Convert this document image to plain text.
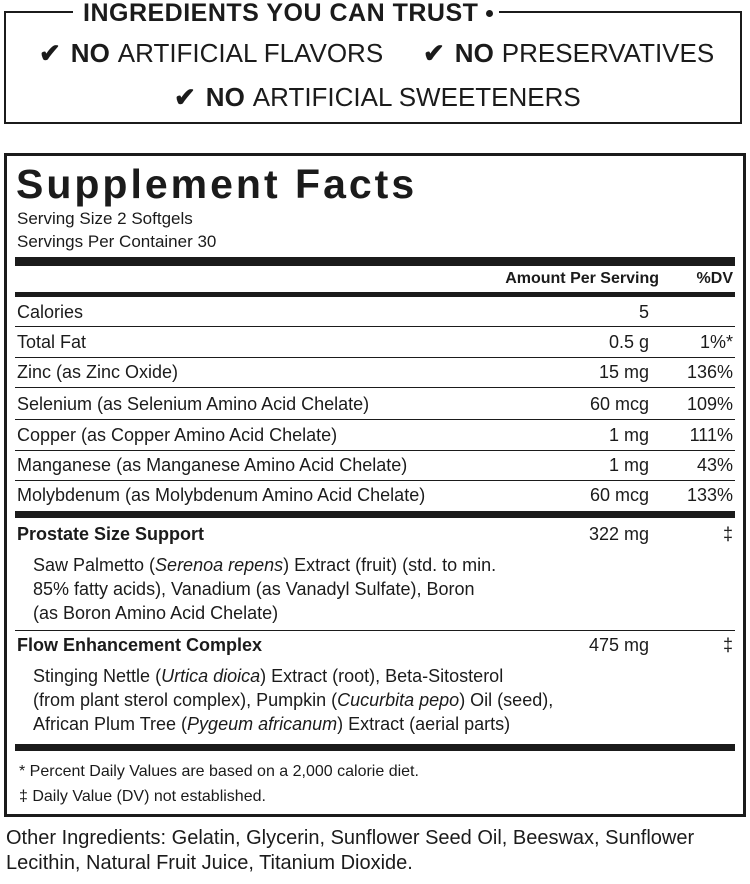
INGREDIENTS YOU CAN TRUST
✔ NO ARTIFICIAL FLAVORS ✔ NO PRESERVATIVES
✔ NO ARTIFICIAL SWEETENERS
Supplement Facts
Serving Size 2 Softgels
Servings Per Container 30
Amount Per Serving %DV
Calories	5
Total Fat	0.5 g	1%*
Zinc (as Zinc Oxide)	15 mg 136%
Selenium (as Selenium Amino Acid Chelate)	60 mcg 109%
Copper (as Copper Amino Acid Chelate)	1 mg 111%
Manganese (as Manganese Amino Acid Chelate)	1 mg	43%
Molybdenum (as Molybdenum Amino Acid Chelate)	60 mcg 133%
Prostate Size Support	322 mg	‡
Saw Palmetto (Serenoa repens) Extract (fruit) (std. to min.
85% fatty acids), Vanadium (as Vanadyl Sulfate), Boron
(as Boron Amino Acid Chelate)
Flow Enhancement Complex	475 mg	‡
Stinging Nettle (Urtica dioica) Extract (root), Beta-Sitosterol
(from plant sterol complex), Pumpkin (Cucurbita pepo) Oil (seed),
African Plum Tree (Pygeum africanum) Extract (aerial parts)
* Percent Daily Values are based on a 2,000 calorie diet.
‡ Daily Value (DV) not established.
Other Ingredients: Gelatin, Glycerin, Sunflower Seed Oil, Beeswax, Sunflower Lecithin, Natural Fruit Juice, Titanium Dioxide.
